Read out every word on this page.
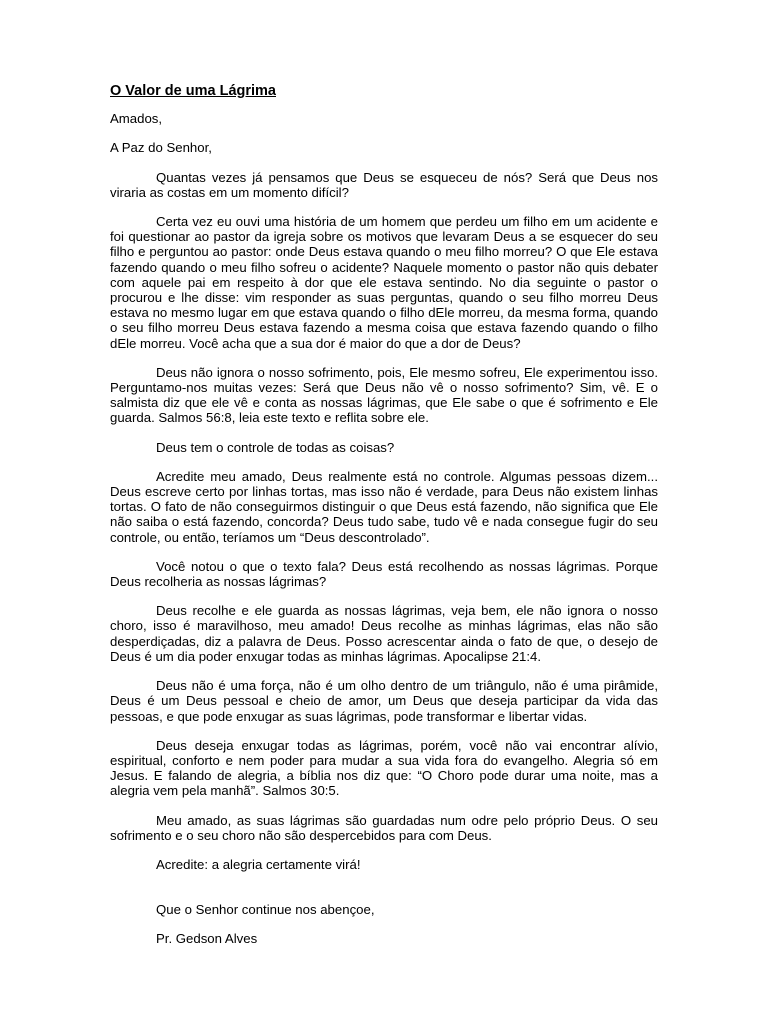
O Valor de uma Lágrima
Amados,
A Paz do Senhor,
Quantas vezes já pensamos que Deus se esqueceu de nós? Será que Deus nos viraria as costas em um momento difícil?
Certa vez eu ouvi uma história de um homem que perdeu um filho em um acidente e foi questionar ao pastor da igreja sobre os motivos que levaram Deus a se esquecer do seu filho e perguntou ao pastor: onde Deus estava quando o meu filho morreu? O que Ele estava fazendo quando o meu filho sofreu o acidente? Naquele momento o pastor não quis debater com aquele pai em respeito à dor que ele estava sentindo. No dia seguinte o pastor o procurou e lhe disse: vim responder as suas perguntas, quando o seu filho morreu Deus estava no mesmo lugar em que estava quando o filho dEle morreu, da mesma forma, quando o seu filho morreu Deus estava fazendo a mesma coisa que estava fazendo quando o filho dEle morreu. Você acha que a sua dor é maior do que a dor de Deus?
Deus não ignora o nosso sofrimento, pois, Ele mesmo sofreu, Ele experimentou isso. Perguntamo-nos muitas vezes: Será que Deus não vê o nosso sofrimento? Sim, vê. E o salmista diz que ele vê e conta as nossas lágrimas, que Ele sabe o que é sofrimento e Ele guarda. Salmos 56:8, leia este texto e reflita sobre ele.
Deus tem o controle de todas as coisas?
Acredite meu amado, Deus realmente está no controle. Algumas pessoas dizem... Deus escreve certo por linhas tortas, mas isso não é verdade, para Deus não existem linhas tortas. O fato de não conseguirmos distinguir o que Deus está fazendo, não significa que Ele não saiba o está fazendo, concorda? Deus tudo sabe, tudo vê e nada consegue fugir do seu controle, ou então, teríamos um “Deus descontrolado”.
Você notou o que o texto fala? Deus está recolhendo as nossas lágrimas. Porque Deus recolheria as nossas lágrimas?
Deus recolhe e ele guarda as nossas lágrimas, veja bem, ele não ignora o nosso choro, isso é maravilhoso, meu amado! Deus recolhe as minhas lágrimas, elas não são desperdiçadas, diz a palavra de Deus. Posso acrescentar ainda o fato de que, o desejo de Deus é um dia poder enxugar todas as minhas lágrimas. Apocalipse 21:4.
Deus não é uma força, não é um olho dentro de um triângulo, não é uma pirâmide, Deus é um Deus pessoal e cheio de amor, um Deus que deseja participar da vida das pessoas, e que pode enxugar as suas lágrimas, pode transformar e libertar vidas.
Deus deseja enxugar todas as lágrimas, porém, você não vai encontrar alívio, espiritual, conforto e nem poder para mudar a sua vida fora do evangelho. Alegria só em Jesus. E falando de alegria, a bíblia nos diz que: “O Choro pode durar uma noite, mas a alegria vem pela manhã”. Salmos 30:5.
Meu amado, as suas lágrimas são guardadas num odre pelo próprio Deus. O seu sofrimento e o seu choro não são despercebidos para com Deus.
Acredite: a alegria certamente virá!
Que o Senhor continue nos abençoe,
Pr. Gedson Alves
